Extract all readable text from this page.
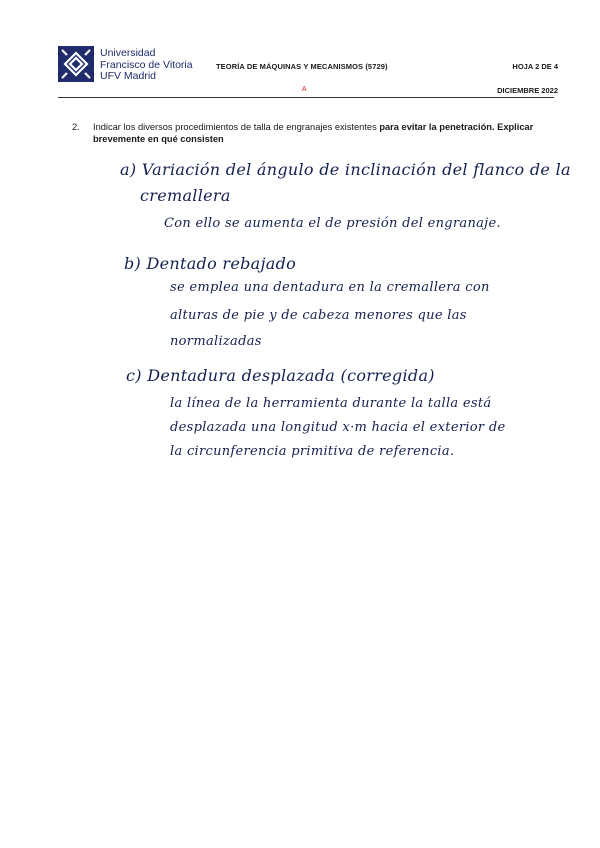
Universidad
Francisco de Vitoria
UFV Madrid
TEORÍA DE MÁQUINAS Y MECANISMOS (5729)	HOJA 2 DE 4
A	DICIEMBRE 2022
2. Indicar los diversos procedimientos de talla de engranajes existentes para evitar la penetración. Explicar brevemente en qué consisten
a) Variación del ángulo de inclinación del flanco de la
cremallera
Con ello se aumenta el de presión del engranaje.
b) Dentado rebajado
se emplea una dentadura en la cremallera con
alturas de pie y de cabeza menores que las
normalizadas
c) Dentadura desplazada (corregida)
la línea de la herramienta durante la talla está
desplazada una longitud x·m hacia el exterior de
la circunferencia primitiva de referencia.
